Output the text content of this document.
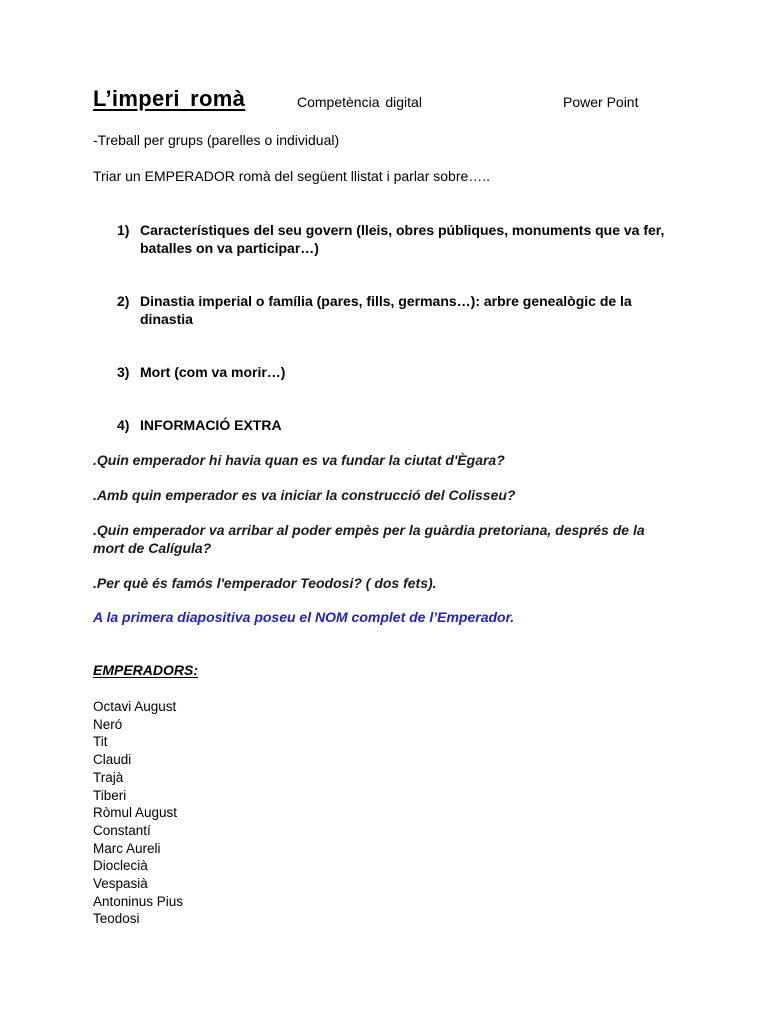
L’imperi romà	Competència digital	Power Point
-Treball per grups (parelles o individual)
Triar un EMPERADOR romà del següent llistat i parlar sobre…..
1) Característiques del seu govern (lleis, obres públiques, monuments que va fer, batalles on va participar…)
2) Dinastia imperial o família (pares, fills, germans…): arbre genealògic de la dinastia
3) Mort (com va morir…)
4) INFORMACIÓ EXTRA
.Quin emperador hi havia quan es va fundar la ciutat d'Ègara?
.Amb quin emperador es va iniciar la construcció del Colisseu?
.Quin emperador va arribar al poder empès per la guàrdia pretoriana, després de la mort de Calígula?
.Per què és famós l'emperador Teodosi? ( dos fets).
A la primera diapositiva poseu el NOM complet de l’Emperador.
EMPERADORS:
Octavi August
Neró
Tit
Claudi
Trajà
Tiberi
Ròmul August
Constantí
Marc Aureli
Dioclecià
Vespasià
Antoninus Pius
Teodosi
